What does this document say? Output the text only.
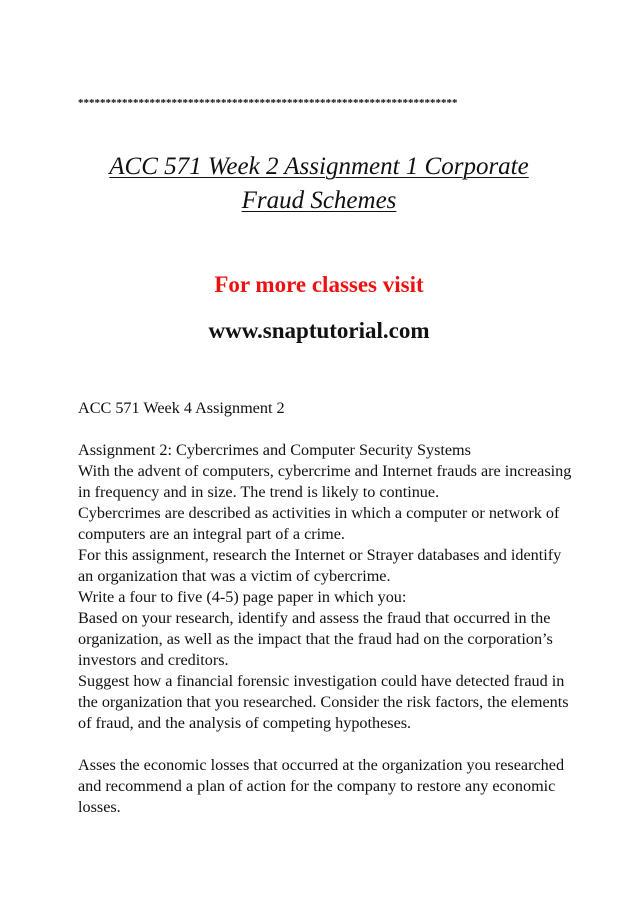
*********************************************************************
ACC 571 Week 2 Assignment 1 Corporate
Fraud Schemes
For more classes visit
www.snaptutorial.com

ACC 571 Week 4 Assignment 2

Assignment 2: Cybercrimes and Computer Security Systems

With the advent of computers, cybercrime and Internet frauds are increasing in frequency and in size. The trend is likely to continue.

Cybercrimes are described as activities in which a computer or network of computers are an integral part of a crime.

For this assignment, research the Internet or Strayer databases and identify an organization that was a victim of cybercrime.

Write a four to five (4-5) page paper in which you:

Based on your research, identify and assess the fraud that occurred in the organization, as well as the impact that the fraud had on the corporation’s investors and creditors.

Suggest how a financial forensic investigation could have detected fraud in the organization that you researched. Consider the risk factors, the elements of fraud, and the analysis of competing hypotheses.

Asses the economic losses that occurred at the organization you researched and recommend a plan of action for the company to restore any economic losses.
